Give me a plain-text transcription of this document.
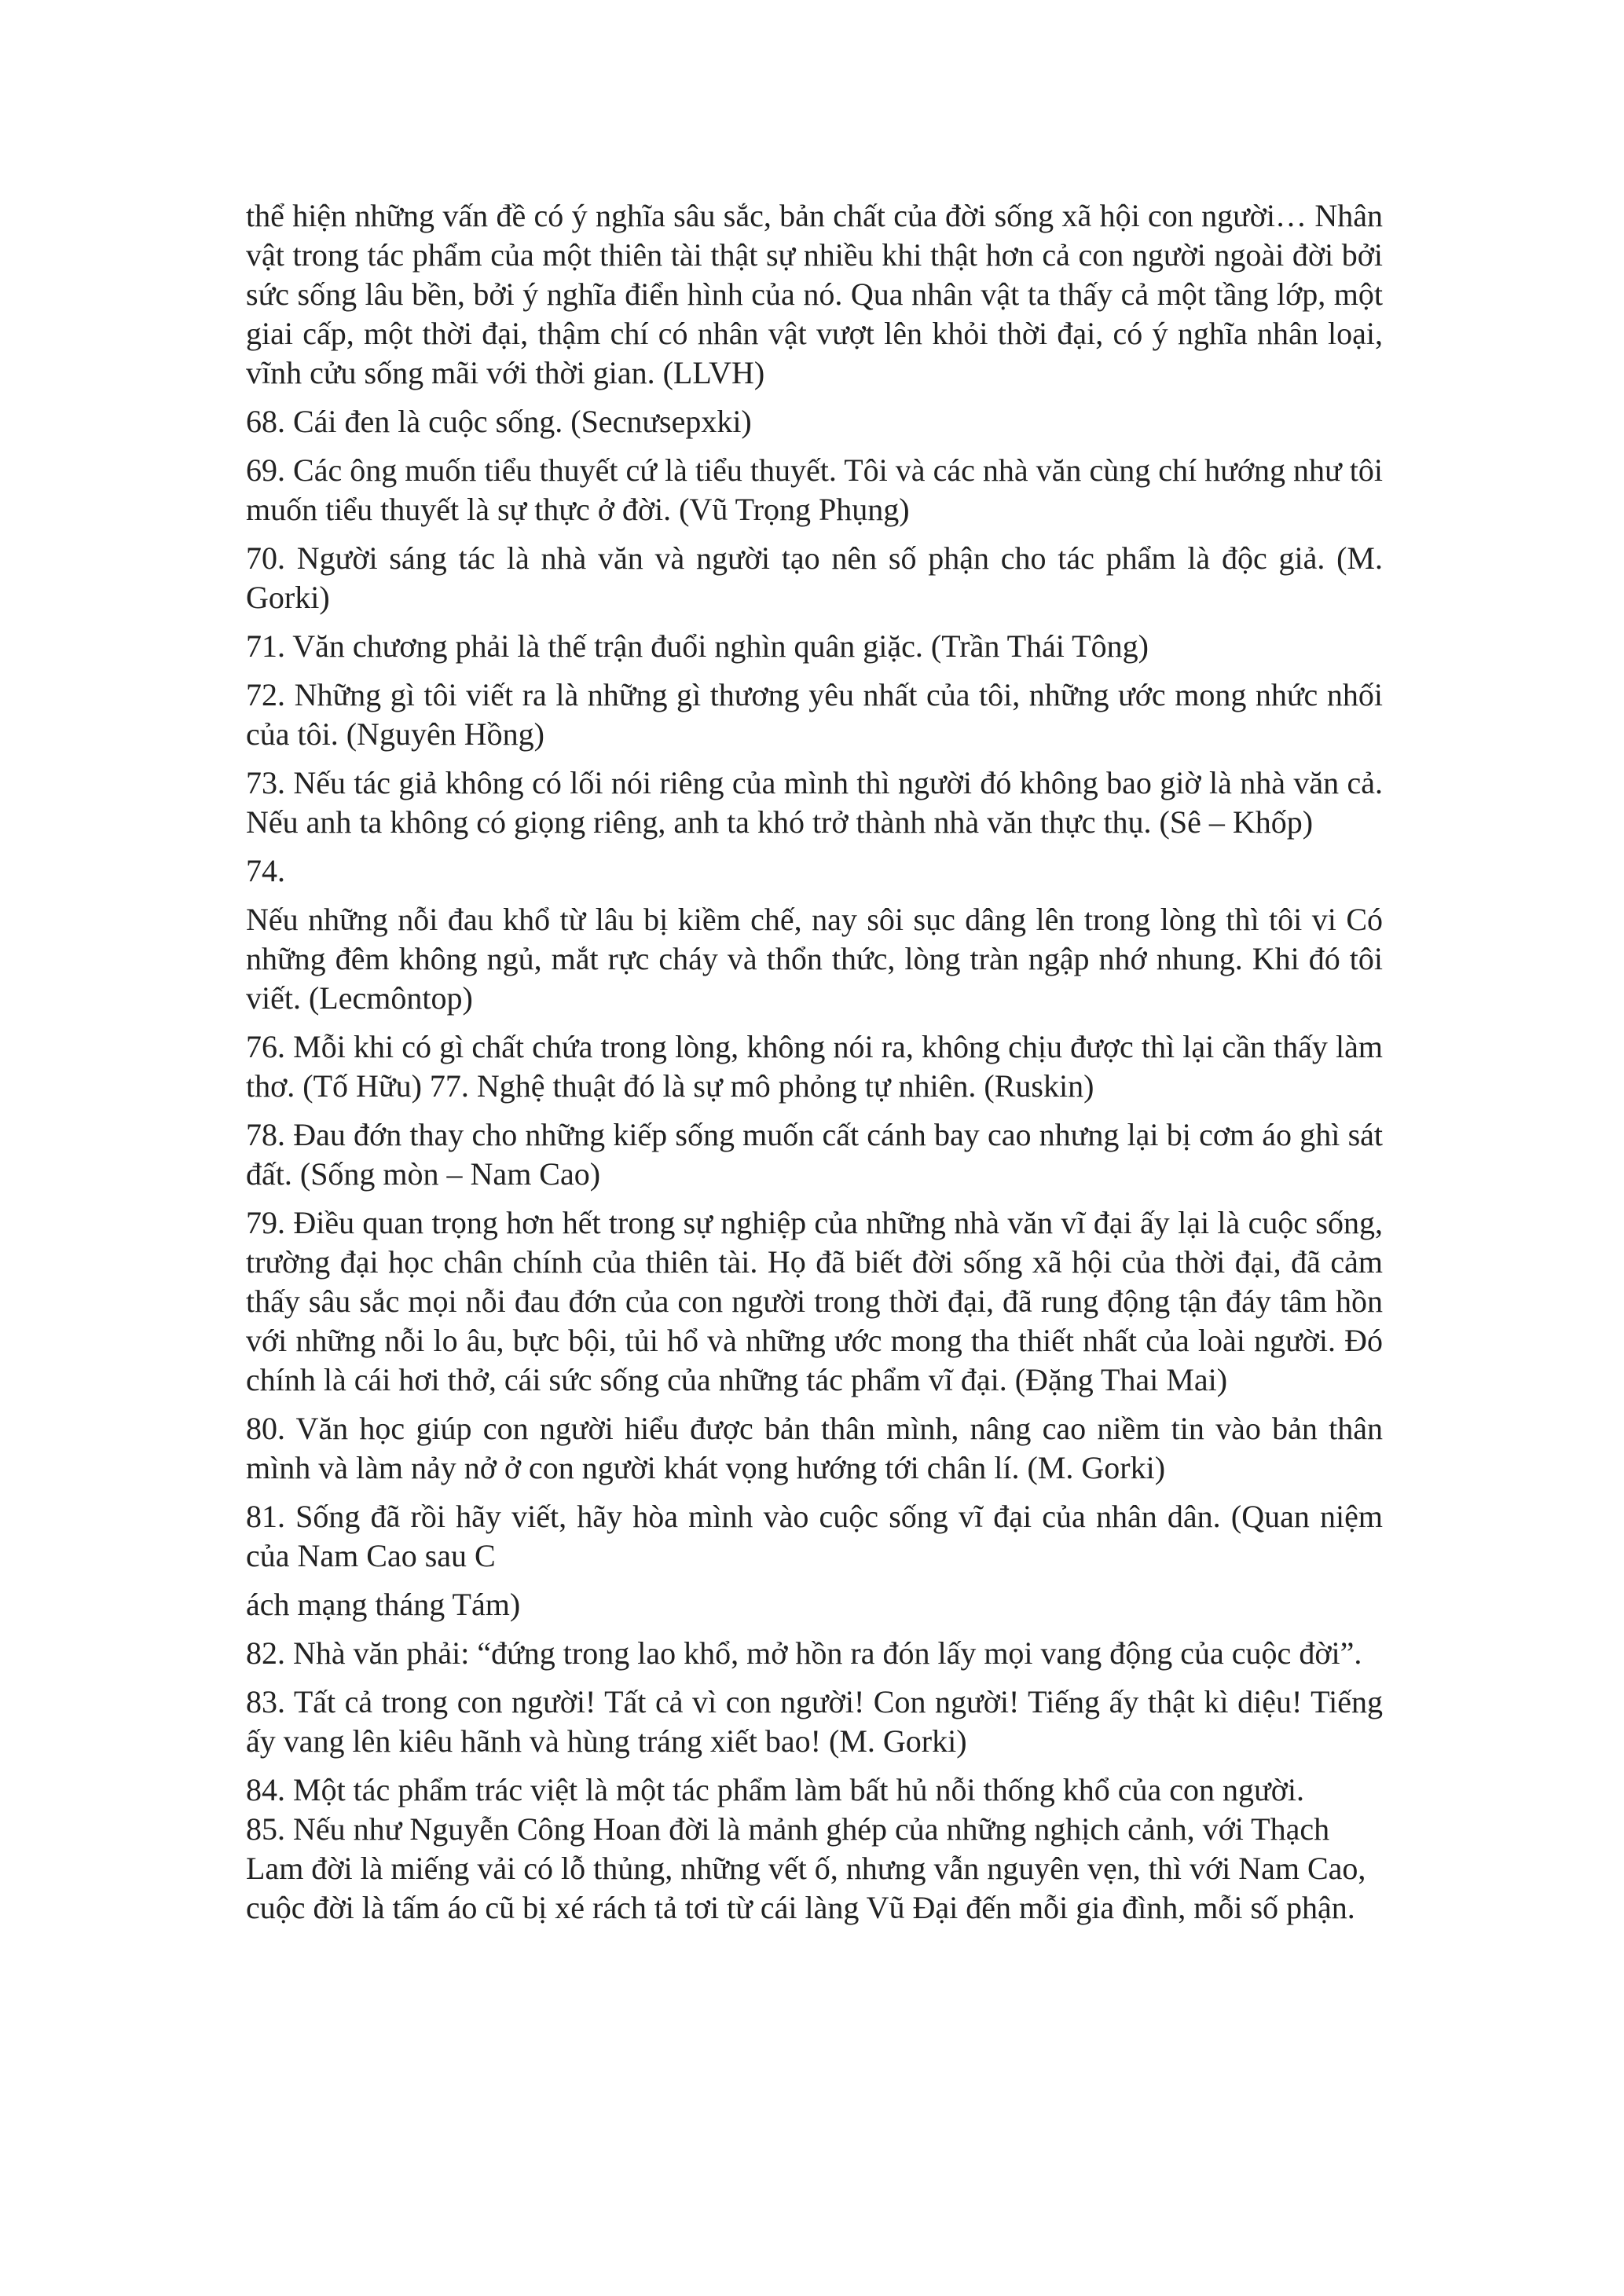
thể hiện những vấn đề có ý nghĩa sâu sắc, bản chất của đời sống xã hội con người… Nhân vật trong tác phẩm của một thiên tài thật sự nhiều khi thật hơn cả con người ngoài đời bởi sức sống lâu bền, bởi ý nghĩa điển hình của nó. Qua nhân vật ta thấy cả một tầng lớp, một giai cấp, một thời đại, thậm chí có nhân vật vượt lên khỏi thời đại, có ý nghĩa nhân loại, vĩnh cửu sống mãi với thời gian. (LLVH)

68. Cái đen là cuộc sống. (Secnưsepxki)

69. Các ông muốn tiểu thuyết cứ là tiểu thuyết. Tôi và các nhà văn cùng chí hướng như tôi muốn tiểu thuyết là sự thực ở đời. (Vũ Trọng Phụng)

70. Người sáng tác là nhà văn và người tạo nên số phận cho tác phẩm là độc giả. (M. Gorki)

71. Văn chương phải là thế trận đuổi nghìn quân giặc. (Trần Thái Tông)

72. Những gì tôi viết ra là những gì thương yêu nhất của tôi, những ước mong nhức nhối của tôi. (Nguyên Hồng)

73. Nếu tác giả không có lối nói riêng của mình thì người đó không bao giờ là nhà văn cả. Nếu anh ta không có giọng riêng, anh ta khó trở thành nhà văn thực thụ. (Sê – Khốp)

74.

Nếu những nỗi đau khổ từ lâu bị kiềm chế, nay sôi sục dâng lên trong lòng thì tôi vi Có những đêm không ngủ, mắt rực cháy và thổn thức, lòng tràn ngập nhớ nhung. Khi đó tôi viết. (Lecmôntop)

76. Mỗi khi có gì chất chứa trong lòng, không nói ra, không chịu được thì lại cần thấy làm thơ. (Tố Hữu) 77. Nghệ thuật đó là sự mô phỏng tự nhiên. (Ruskin)

78. Đau đớn thay cho những kiếp sống muốn cất cánh bay cao nhưng lại bị cơm áo ghì sát đất. (Sống mòn – Nam Cao)

79. Điều quan trọng hơn hết trong sự nghiệp của những nhà văn vĩ đại ấy lại là cuộc sống, trường đại học chân chính của thiên tài. Họ đã biết đời sống xã hội của thời đại, đã cảm thấy sâu sắc mọi nỗi đau đớn của con người trong thời đại, đã rung động tận đáy tâm hồn với những nỗi lo âu, bực bội, tủi hổ và những ước mong tha thiết nhất của loài người. Đó chính là cái hơi thở, cái sức sống của những tác phẩm vĩ đại. (Đặng Thai Mai)

80. Văn học giúp con người hiểu được bản thân mình, nâng cao niềm tin vào bản thân mình và làm nảy nở ở con người khát vọng hướng tới chân lí. (M. Gorki)

81. Sống đã rồi hãy viết, hãy hòa mình vào cuộc sống vĩ đại của nhân dân. (Quan niệm của Nam Cao sau C

ách mạng tháng Tám)

82. Nhà văn phải: “đứng trong lao khổ, mở hồn ra đón lấy mọi vang động của cuộc đời”.

83. Tất cả trong con người! Tất cả vì con người! Con người! Tiếng ấy thật kì diệu! Tiếng ấy vang lên kiêu hãnh và hùng tráng xiết bao! (M. Gorki)

84. Một tác phẩm trác việt là một tác phẩm làm bất hủ nỗi thống khổ của con người.

85. Nếu như Nguyễn Công Hoan đời là mảnh ghép của những nghịch cảnh, với Thạch Lam đời là miếng vải có lỗ thủng, những vết ố, nhưng vẫn nguyên vẹn, thì với Nam Cao, cuộc đời là tấm áo cũ bị xé rách tả tơi từ cái làng Vũ Đại đến mỗi gia đình, mỗi số phận.
